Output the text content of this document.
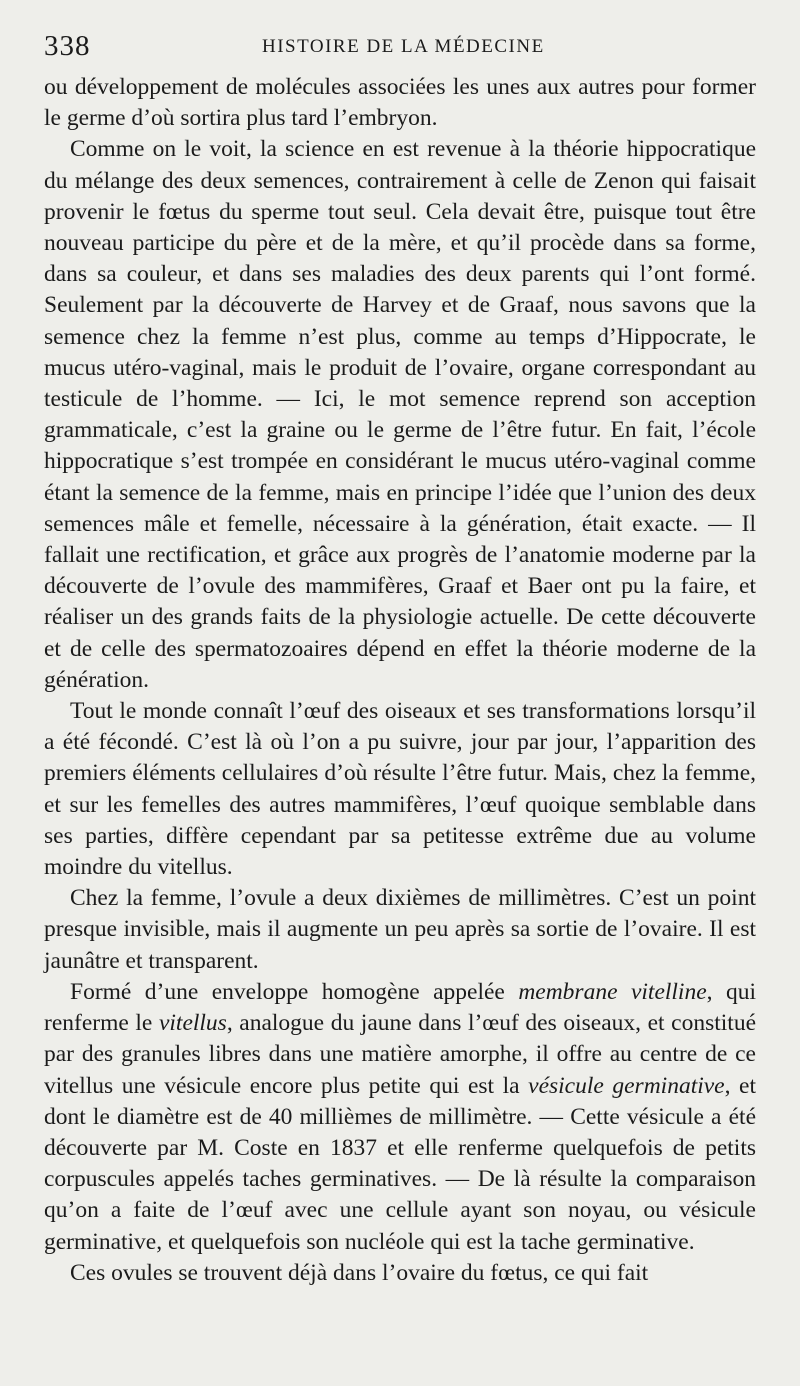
338	HISTOIRE DE LA MÉDECINE

ou développement de molécules associées les unes aux autres pour former le germe d’où sortira plus tard l’embryon.

Comme on le voit, la science en est revenue à la théorie hippocratique du mélange des deux semences, contrairement à celle de Zenon qui faisait provenir le fœtus du sperme tout seul. Cela devait être, puisque tout être nouveau participe du père et de la mère, et qu’il procède dans sa forme, dans sa couleur, et dans ses maladies des deux parents qui l’ont formé. Seulement par la découverte de Harvey et de Graaf, nous savons que la semence chez la femme n’est plus, comme au temps d’Hippocrate, le mucus utéro-vaginal, mais le produit de l’ovaire, organe correspondant au testicule de l’homme. — Ici, le mot semence reprend son acception grammaticale, c’est la graine ou le germe de l’être futur. En fait, l’école hippocratique s’est trompée en considérant le mucus utéro-vaginal comme étant la semence de la femme, mais en principe l’idée que l’union des deux semences mâle et femelle, nécessaire à la génération, était exacte. — Il fallait une rectification, et grâce aux progrès de l’anatomie moderne par la découverte de l’ovule des mammifères, Graaf et Baer ont pu la faire, et réaliser un des grands faits de la physiologie actuelle. De cette découverte et de celle des spermatozoaires dépend en effet la théorie moderne de la génération.

Tout le monde connaît l’œuf des oiseaux et ses transformations lorsqu’il a été fécondé. C’est là où l’on a pu suivre, jour par jour, l’apparition des premiers éléments cellulaires d’où résulte l’être futur. Mais, chez la femme, et sur les femelles des autres mammifères, l’œuf quoique semblable dans ses parties, diffère cependant par sa petitesse extrême due au volume moindre du vitellus.

Chez la femme, l’ovule a deux dixièmes de millimètres. C’est un point presque invisible, mais il augmente un peu après sa sortie de l’ovaire. Il est jaunâtre et transparent.

Formé d’une enveloppe homogène appelée membrane vitelline, qui renferme le vitellus, analogue du jaune dans l’œuf des oiseaux, et constitué par des granules libres dans une matière amorphe, il offre au centre de ce vitellus une vésicule encore plus petite qui est la vésicule germinative, et dont le diamètre est de 40 millièmes de millimètre. — Cette vésicule a été découverte par M. Coste en 1837 et elle renferme quelquefois de petits corpuscules appelés taches germinatives. — De là résulte la comparaison qu’on a faite de l’œuf avec une cellule ayant son noyau, ou vésicule germinative, et quelquefois son nucléole qui est la tache germinative.

Ces ovules se trouvent déjà dans l’ovaire du fœtus, ce qui fait
